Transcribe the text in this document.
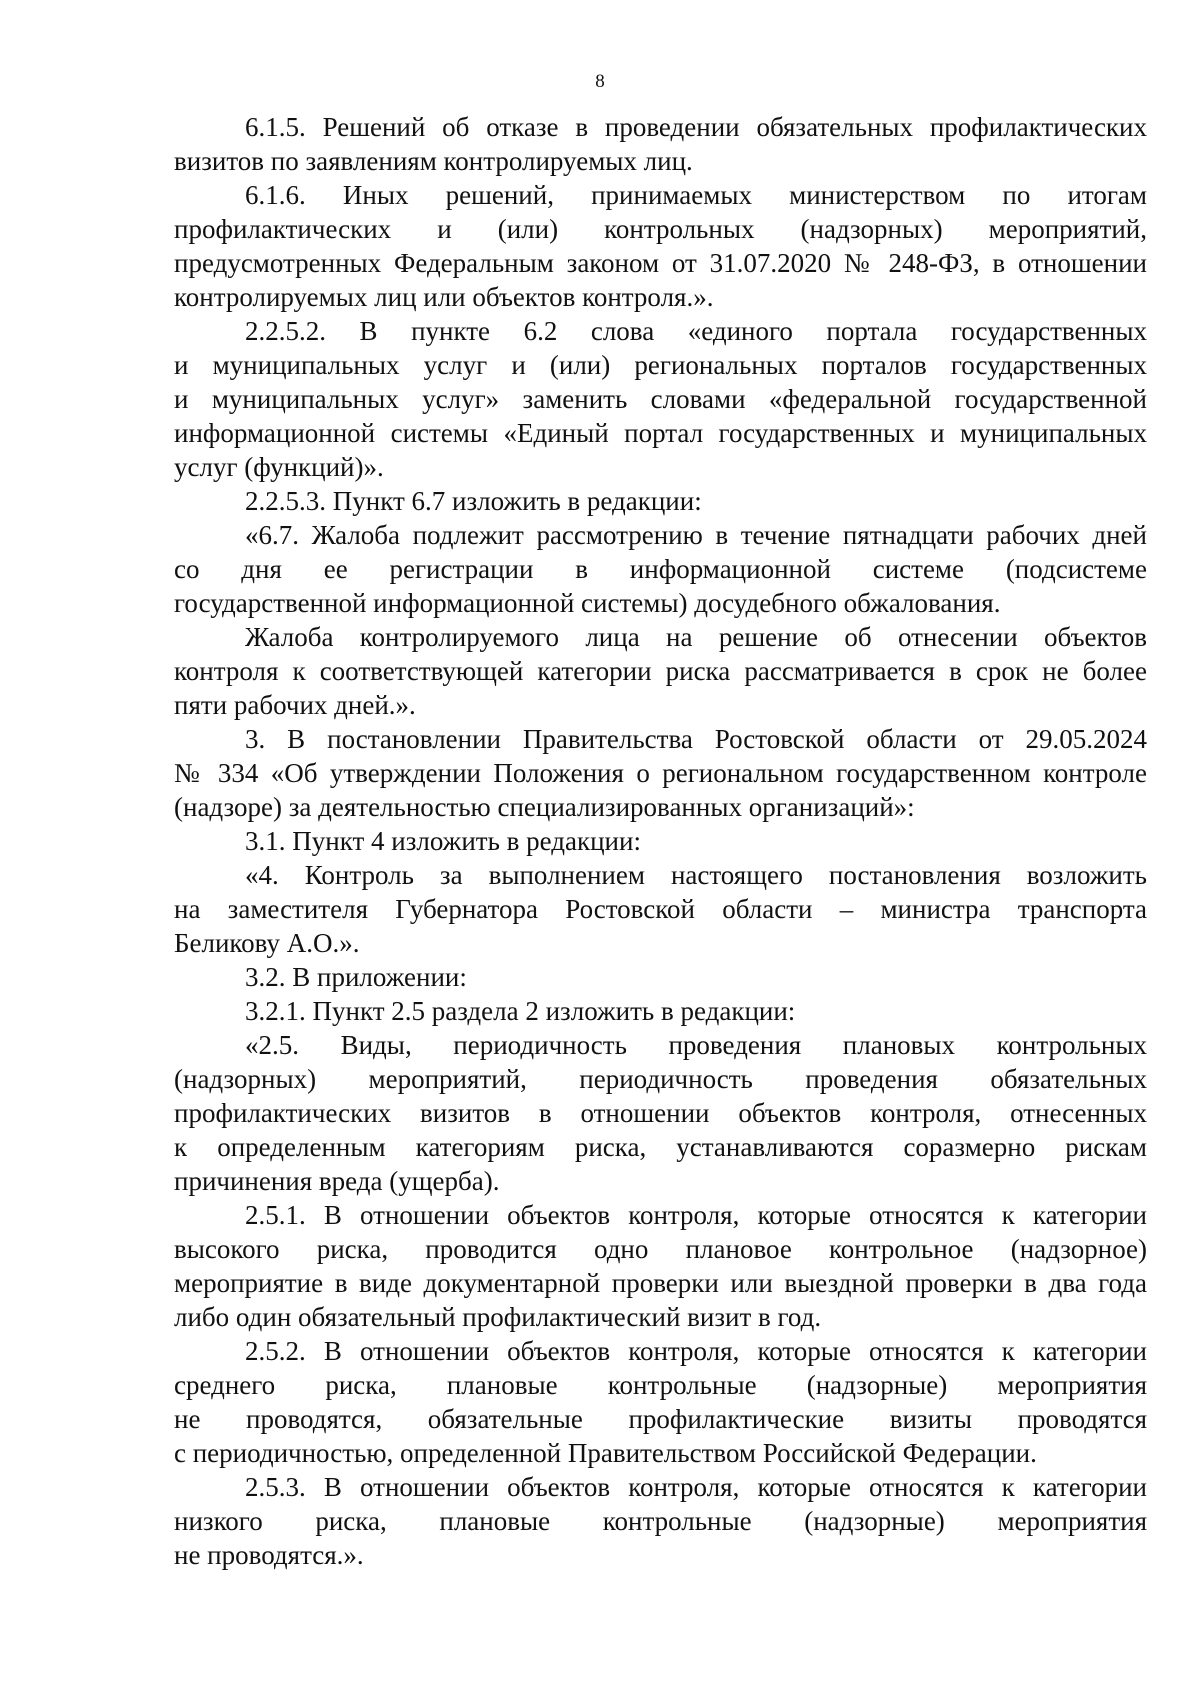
8
6.1.5. Решений об отказе в проведении обязательных профилактических
визитов по заявлениям контролируемых лиц.
6.1.6. Иных решений, принимаемых министерством по итогам
профилактических и (или) контрольных (надзорных) мероприятий,
предусмотренных Федеральным законом от 31.07.2020 № 248-ФЗ, в отношении
контролируемых лиц или объектов контроля.».
2.2.5.2. В пункте 6.2 слова «единого портала государственных
и муниципальных услуг и (или) региональных порталов государственных
и муниципальных услуг» заменить словами «федеральной государственной
информационной системы «Единый портал государственных и муниципальных
услуг (функций)».
2.2.5.3. Пункт 6.7 изложить в редакции:
«6.7. Жалоба подлежит рассмотрению в течение пятнадцати рабочих дней
со дня ее регистрации в информационной системе (подсистеме
государственной информационной системы) досудебного обжалования.
Жалоба контролируемого лица на решение об отнесении объектов
контроля к соответствующей категории риска рассматривается в срок не более
пяти рабочих дней.».
3. В постановлении Правительства Ростовской области от 29.05.2024
№ 334 «Об утверждении Положения о региональном государственном контроле
(надзоре) за деятельностью специализированных организаций»:
3.1. Пункт 4 изложить в редакции:
«4. Контроль за выполнением настоящего постановления возложить
на заместителя Губернатора Ростовской области – министра транспорта
Беликову А.О.».
3.2. В приложении:
3.2.1. Пункт 2.5 раздела 2 изложить в редакции:
«2.5. Виды, периодичность проведения плановых контрольных
(надзорных) мероприятий, периодичность проведения обязательных
профилактических визитов в отношении объектов контроля, отнесенных
к определенным категориям риска, устанавливаются соразмерно рискам
причинения вреда (ущерба).
2.5.1. В отношении объектов контроля, которые относятся к категории
высокого риска, проводится одно плановое контрольное (надзорное)
мероприятие в виде документарной проверки или выездной проверки в два года
либо один обязательный профилактический визит в год.
2.5.2. В отношении объектов контроля, которые относятся к категории
среднего риска, плановые контрольные (надзорные) мероприятия
не проводятся, обязательные профилактические визиты проводятся
с периодичностью, определенной Правительством Российской Федерации.
2.5.3. В отношении объектов контроля, которые относятся к категории
низкого риска, плановые контрольные (надзорные) мероприятия
не проводятся.».
